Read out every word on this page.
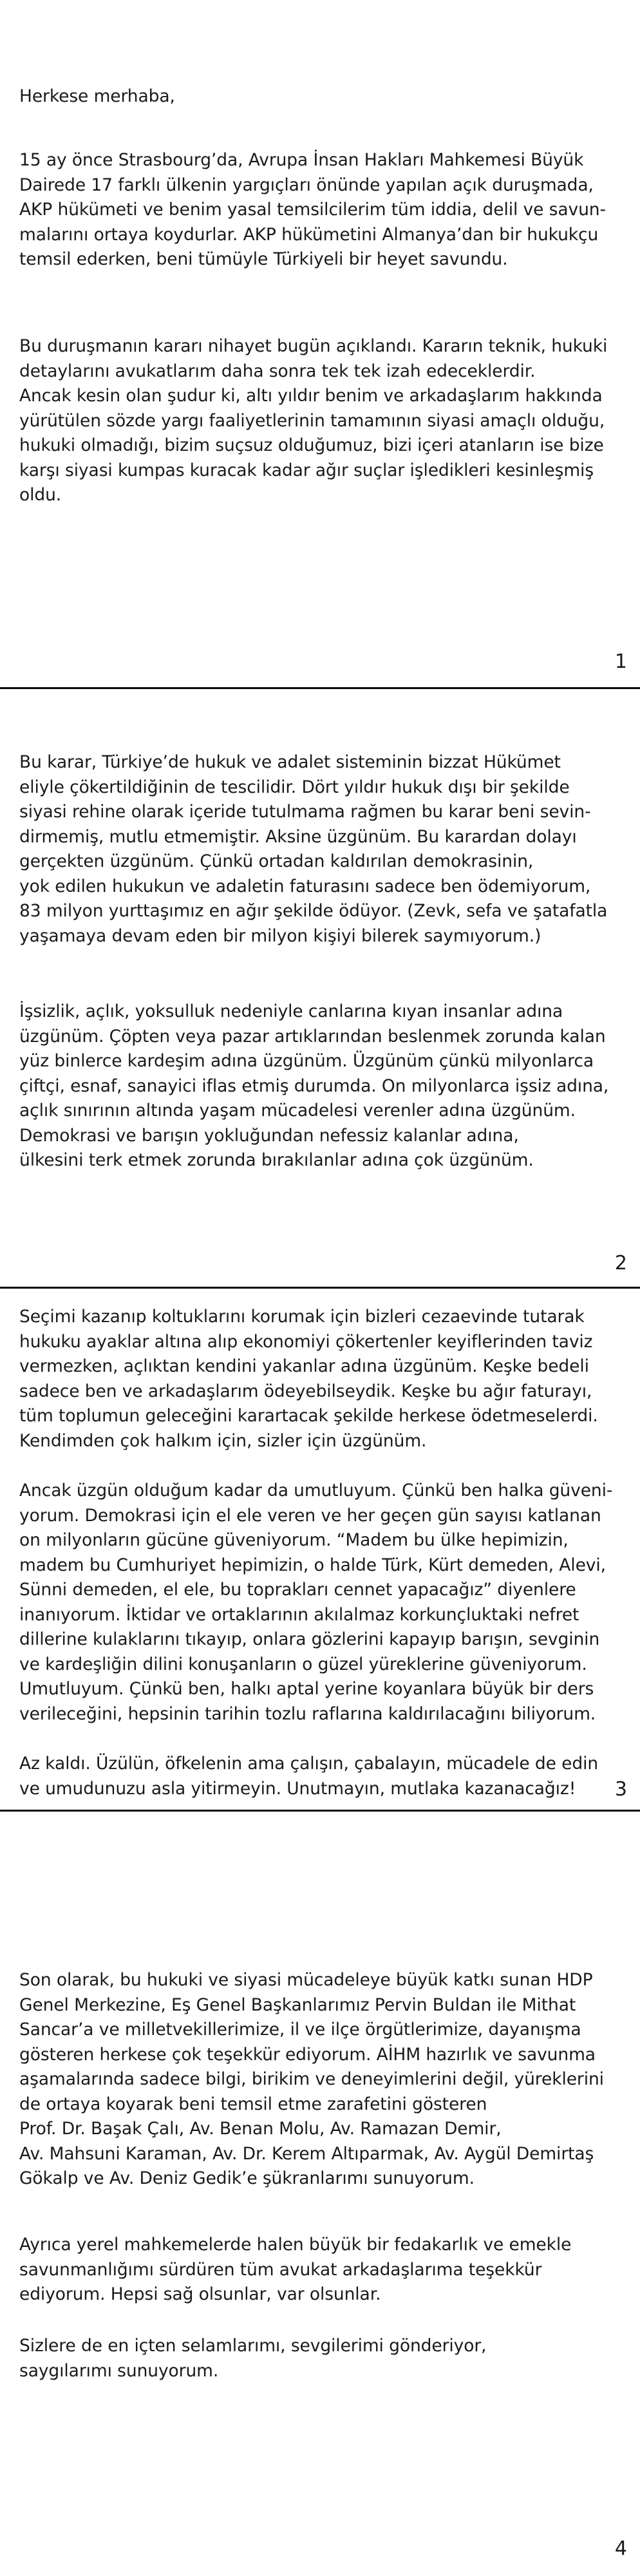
Herkese merhaba,

15 ay önce Strasbourg’da, Avrupa İnsan Hakları Mahkemesi Büyük
Dairede 17 farklı ülkenin yargıçları önünde yapılan açık duruşmada,
AKP hükümeti ve benim yasal temsilcilerim tüm iddia, delil ve savun-
malarını ortaya koydurlar. AKP hükümetini Almanya’dan bir hukukçu
temsil ederken, beni tümüyle Türkiyeli bir heyet savundu.

Bu duruşmanın kararı nihayet bugün açıklandı. Kararın teknik, hukuki
detaylarını avukatlarım daha sonra tek tek izah edeceklerdir.
Ancak kesin olan şudur ki, altı yıldır benim ve arkadaşlarım hakkında
yürütülen sözde yargı faaliyetlerinin tamamının siyasi amaçlı olduğu,
hukuki olmadığı, bizim suçsuz olduğumuz, bizi içeri atanların ise bize
karşı siyasi kumpas kuracak kadar ağır suçlar işledikleri kesinleşmiş
oldu.

1

Bu karar, Türkiye’de hukuk ve adalet sisteminin bizzat Hükümet
eliyle çökertildiğinin de tescilidir. Dört yıldır hukuk dışı bir şekilde
siyasi rehine olarak içeride tutulmama rağmen bu karar beni sevin-
dirmemiş, mutlu etmemiştir. Aksine üzgünüm. Bu karardan dolayı
gerçekten üzgünüm. Çünkü ortadan kaldırılan demokrasinin,
yok edilen hukukun ve adaletin faturasını sadece ben ödemiyorum,
83 milyon yurttaşımız en ağır şekilde ödüyor. (Zevk, sefa ve şatafatla
yaşamaya devam eden bir milyon kişiyi bilerek saymıyorum.)

İşsizlik, açlık, yoksulluk nedeniyle canlarına kıyan insanlar adına
üzgünüm. Çöpten veya pazar artıklarından beslenmek zorunda kalan
yüz binlerce kardeşim adına üzgünüm. Üzgünüm çünkü milyonlarca
çiftçi, esnaf, sanayici iflas etmiş durumda. On milyonlarca işsiz adına,
açlık sınırının altında yaşam mücadelesi verenler adına üzgünüm.
Demokrasi ve barışın yokluğundan nefessiz kalanlar adına,
ülkesini terk etmek zorunda bırakılanlar adına çok üzgünüm.

2

Seçimi kazanıp koltuklarını korumak için bizleri cezaevinde tutarak
hukuku ayaklar altına alıp ekonomiyi çökertenler keyiflerinden taviz
vermezken, açlıktan kendini yakanlar adına üzgünüm. Keşke bedeli
sadece ben ve arkadaşlarım ödeyebilseydik. Keşke bu ağır faturayı,
tüm toplumun geleceğini karartacak şekilde herkese ödetmeselerdi.
Kendimden çok halkım için, sizler için üzgünüm.

Ancak üzgün olduğum kadar da umutluyum. Çünkü ben halka güveni-
yorum. Demokrasi için el ele veren ve her geçen gün sayısı katlanan
on milyonların gücüne güveniyorum. “Madem bu ülke hepimizin,
madem bu Cumhuriyet hepimizin, o halde Türk, Kürt demeden, Alevi,
Sünni demeden, el ele, bu toprakları cennet yapacağız” diyenlere
inanıyorum. İktidar ve ortaklarının akılalmaz korkunçluktaki nefret
dillerine kulaklarını tıkayıp, onlara gözlerini kapayıp barışın, sevginin
ve kardeşliğin dilini konuşanların o güzel yüreklerine güveniyorum.
Umutluyum. Çünkü ben, halkı aptal yerine koyanlara büyük bir ders
verileceğini, hepsinin tarihin tozlu raflarına kaldırılacağını biliyorum.

Az kaldı. Üzülün, öfkelenin ama çalışın, çabalayın, mücadele de edin
ve umudunuzu asla yitirmeyin. Unutmayın, mutlaka kazanacağız!	3

Son olarak, bu hukuki ve siyasi mücadeleye büyük katkı sunan HDP
Genel Merkezine, Eş Genel Başkanlarımız Pervin Buldan ile Mithat
Sancar’a ve milletvekillerimize, il ve ilçe örgütlerimize, dayanışma
gösteren herkese çok teşekkür ediyorum. AİHM hazırlık ve savunma
aşamalarında sadece bilgi, birikim ve deneyimlerini değil, yüreklerini
de ortaya koyarak beni temsil etme zarafetini gösteren
Prof. Dr. Başak Çalı, Av. Benan Molu, Av. Ramazan Demir,
Av. Mahsuni Karaman, Av. Dr. Kerem Altıparmak, Av. Aygül Demirtaş
Gökalp ve Av. Deniz Gedik’e şükranlarımı sunuyorum.

Ayrıca yerel mahkemelerde halen büyük bir fedakarlık ve emekle
savunmanlığımı sürdüren tüm avukat arkadaşlarıma teşekkür
ediyorum. Hepsi sağ olsunlar, var olsunlar.

Sizlere de en içten selamlarımı, sevgilerimi gönderiyor,
saygılarımı sunuyorum.

4
